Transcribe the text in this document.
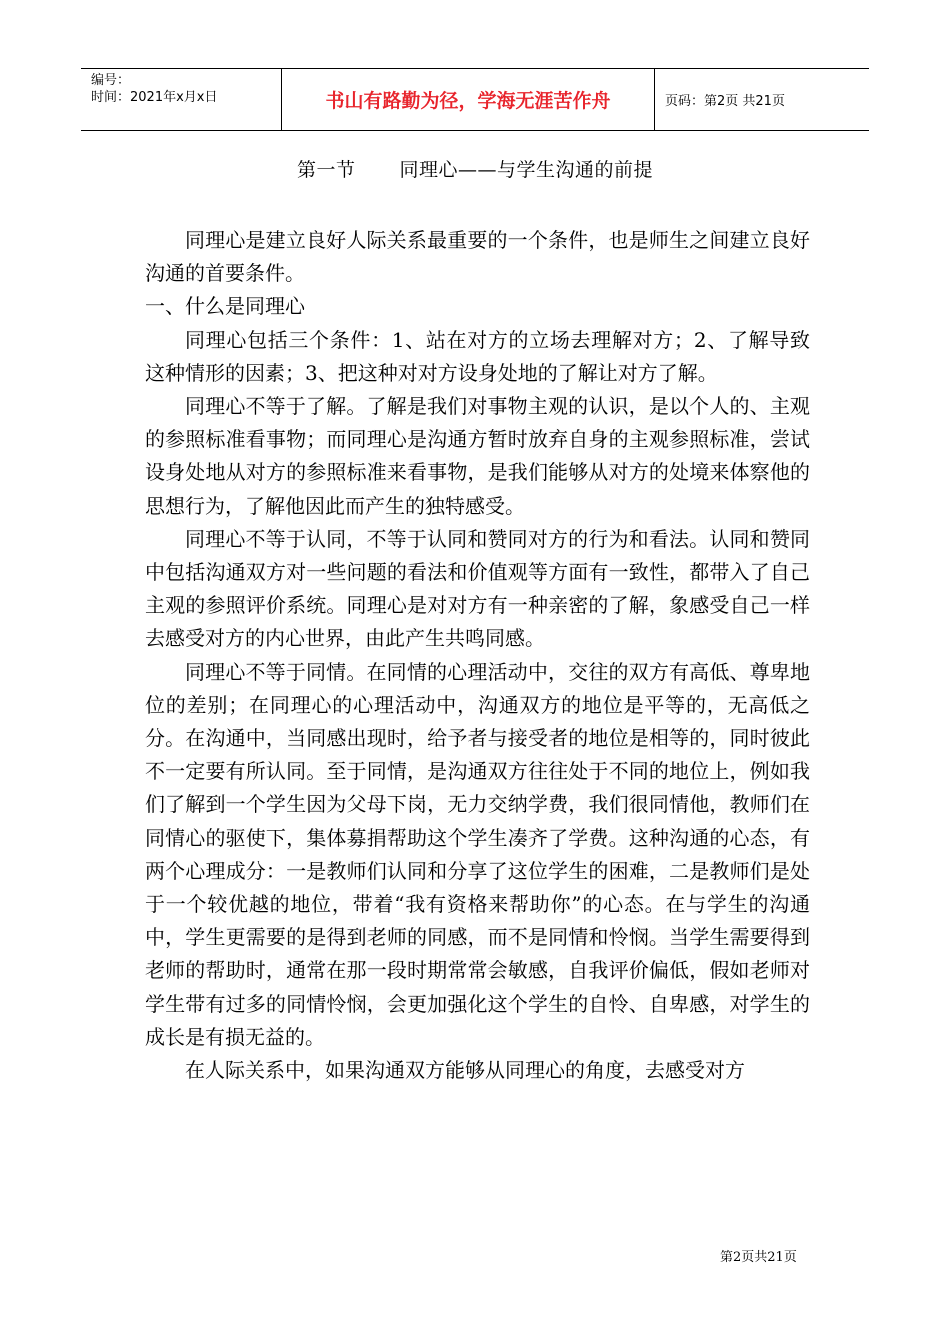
编号：
时间：2021年x月x日	书山有路勤为径，学海无涯苦作舟	页码：第2页 共21页
第一节 同理心——与学生沟通的前提

同理心是建立良好人际关系最重要的一个条件，也是师生之间建立良好沟通的首要条件。

一、什么是同理心

同理心包括三个条件：1、站在对方的立场去理解对方；2、了解导致这种情形的因素；3、把这种对对方设身处地的了解让对方了解。

同理心不等于了解。了解是我们对事物主观的认识，是以个人的、主观的参照标准看事物；而同理心是沟通方暂时放弃自身的主观参照标准，尝试设身处地从对方的参照标准来看事物，是我们能够从对方的处境来体察他的思想行为，了解他因此而产生的独特感受。

同理心不等于认同，不等于认同和赞同对方的行为和看法。认同和赞同中包括沟通双方对一些问题的看法和价值观等方面有一致性，都带入了自己主观的参照评价系统。同理心是对对方有一种亲密的了解，象感受自己一样去感受对方的内心世界，由此产生共鸣同感。

同理心不等于同情。在同情的心理活动中，交往的双方有高低、尊卑地位的差别；在同理心的心理活动中，沟通双方的地位是平等的，无高低之分。在沟通中，当同感出现时，给予者与接受者的地位是相等的，同时彼此不一定要有所认同。至于同情，是沟通双方往往处于不同的地位上，例如我们了解到一个学生因为父母下岗，无力交纳学费，我们很同情他，教师们在同情心的驱使下，集体募捐帮助这个学生凑齐了学费。这种沟通的心态，有两个心理成分：一是教师们认同和分享了这位学生的困难，二是教师们是处于一个较优越的地位，带着“我有资格来帮助你”的心态。在与学生的沟通中，学生更需要的是得到老师的同感，而不是同情和怜悯。当学生需要得到老师的帮助时，通常在那一段时期常常会敏感，自我评价偏低，假如老师对学生带有过多的同情怜悯，会更加强化这个学生的自怜、自卑感，对学生的成长是有损无益的。

在人际关系中，如果沟通双方能够从同理心的角度，去感受对方

第2页共21页
